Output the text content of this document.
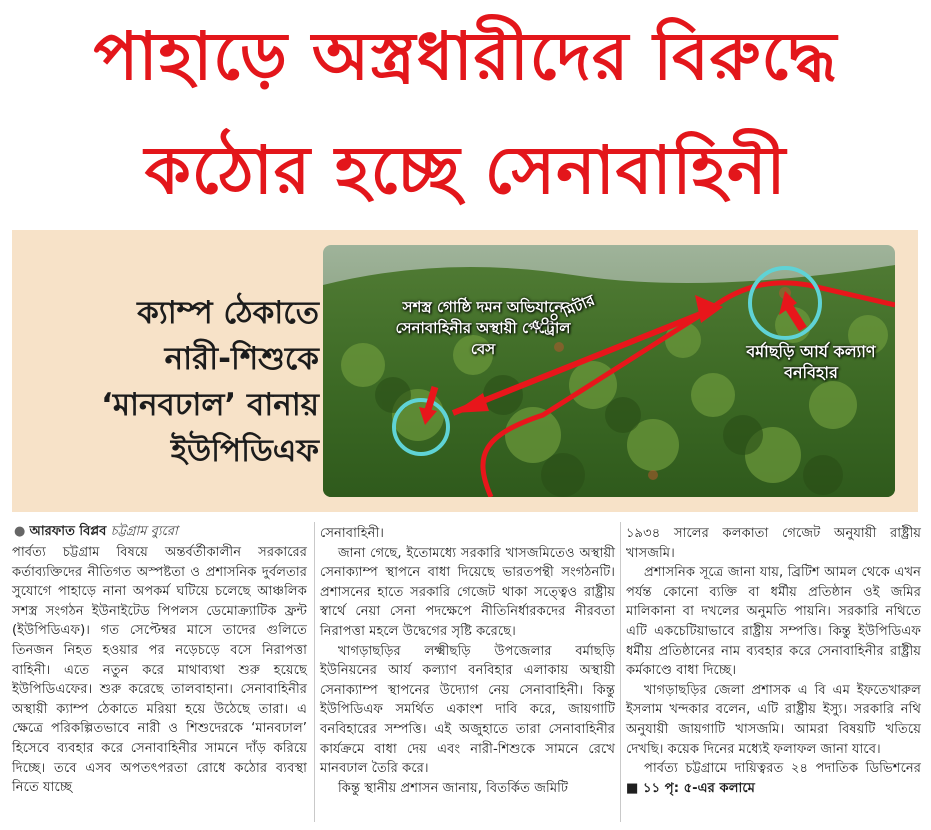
পাহাড়ে অস্ত্রধারীদের বিরুদ্ধে
কঠোর হচ্ছে সেনাবাহিনী
ক্যাম্প ঠেকাতে
নারী-শিশুকে
‘মানবঢাল’ বানায়
ইউপিডিএফ
সশস্ত্র গোষ্ঠি দমন অভিযানে সেনাবাহিনীর অস্থায়ী পেট্রোল বেস
৫০০ মিটার
বর্মাছড়ি আর্য কল্যাণ বনবিহার
● আরফাত বিপ্লব চট্টগ্রাম ব্যুরো

পার্বত্য চট্টগ্রাম বিষয়ে অন্তর্বর্তীকালীন সরকারের কর্তাব্যক্তিদের নীতিগত অস্পষ্টতা ও প্রশাসনিক দুর্বলতার সুযোগে পাহাড়ে নানা অপকর্ম ঘটিয়ে চলেছে আঞ্চলিক সশস্ত্র সংগঠন ইউনাইটেড পিপলস ডেমোক্র্যাটিক ফ্রন্ট (ইউপিডিএফ)। গত সেপ্টেম্বর মাসে তাদের গুলিতে তিনজন নিহত হওয়ার পর নড়েচড়ে বসে নিরাপত্তা বাহিনী। এতে নতুন করে মাথাব্যথা শুরু হয়েছে ইউপিডিএফের। শুরু করেছে তালবাহানা। সেনাবাহিনীর অস্থায়ী ক্যাম্প ঠেকাতে মরিয়া হয়ে উঠেছে তারা। এ ক্ষেত্রে পরিকল্পিতভাবে নারী ও শিশুদেরকে ‘মানবঢাল’ হিসেবে ব্যবহার করে সেনাবাহিনীর সামনে দাঁড় করিয়ে দিচ্ছে। তবে এসব অপতৎপরতা রোধে কঠোর ব্যবস্থা নিতে যাচ্ছে

সেনাবাহিনী।

জানা গেছে, ইতোমধ্যে সরকারি খাসজমিতেও অস্থায়ী সেনাক্যাম্প স্থাপনে বাধা দিয়েছে ভারতপন্থী সংগঠনটি। প্রশাসনের হাতে সরকারি গেজেট থাকা সত্ত্বেও রাষ্ট্রীয় স্বার্থে নেয়া সেনা পদক্ষেপে নীতিনির্ধারকদের নীরবতা নিরাপত্তা মহলে উদ্বেগের সৃষ্টি করেছে।

খাগড়াছড়ির লক্ষ্মীছড়ি উপজেলার বর্মাছড়ি ইউনিয়নের আর্য কল্যাণ বনবিহার এলাকায় অস্থায়ী সেনাক্যাম্প স্থাপনের উদ্যোগ নেয় সেনাবাহিনী। কিন্তু ইউপিডিএফ সমর্থিত একাংশ দাবি করে, জায়গাটি বনবিহারের সম্পত্তি। এই অজুহাতে তারা সেনাবাহিনীর কার্যক্রমে বাধা দেয় এবং নারী-শিশুকে সামনে রেখে মানবঢাল তৈরি করে।

কিন্তু স্থানীয় প্রশাসন জানায়, বিতর্কিত জমিটি

১৯৩৪ সালের কলকাতা গেজেট অনুযায়ী রাষ্ট্রীয় খাসজমি।

প্রশাসনিক সূত্রে জানা যায়, ব্রিটিশ আমল থেকে এখন পর্যন্ত কোনো ব্যক্তি বা ধর্মীয় প্রতিষ্ঠান ওই জমির মালিকানা বা দখলের অনুমতি পায়নি। সরকারি নথিতে এটি একচেটিয়াভাবে রাষ্ট্রীয় সম্পত্তি। কিন্তু ইউপিডিএফ ধর্মীয় প্রতিষ্ঠানের নাম ব্যবহার করে সেনাবাহিনীর রাষ্ট্রীয় কর্মকাণ্ডে বাধা দিচ্ছে।

খাগড়াছড়ির জেলা প্রশাসক এ বি এম ইফতেখারুল ইসলাম খন্দকার বলেন, এটি রাষ্ট্রীয় ইস্যু। সরকারি নথি অনুযায়ী জায়গাটি খাসজমি। আমরা বিষয়টি খতিয়ে দেখছি। কয়েক দিনের মধ্যেই ফলাফল জানা যাবে।

পার্বত্য চট্টগ্রামে দায়িত্বরত ২৪ পদাতিক ডিভিশনের ■ ১১ পৃ: ৫-এর কলামে
